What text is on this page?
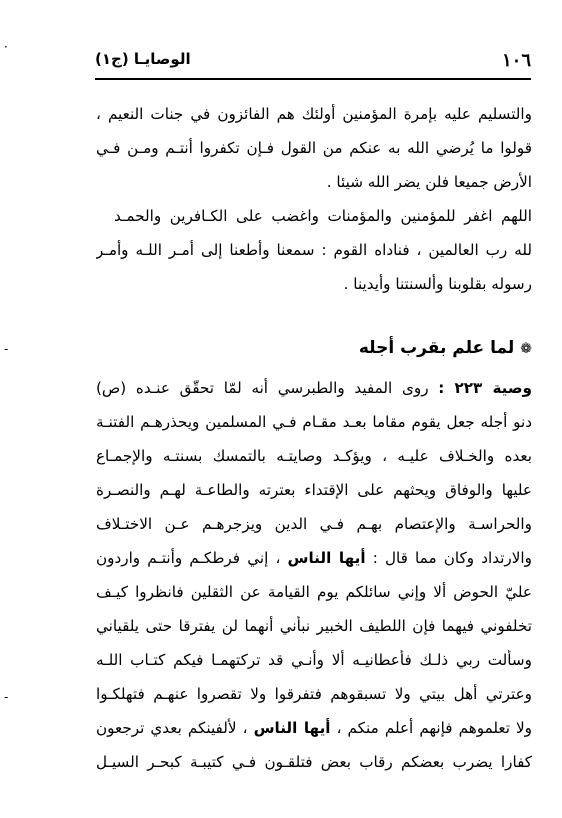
·
-
-
١٠٦
الوصايـا (ج١)
والتسليم عليه بإمرة المؤمنين أولئك هم الفائزون في جنات النعيم ،
قولوا ما يُرضي الله به عنكم من القول فـإن تكفروا أنتـم ومـن فـي
الأرض جميعا فلن يضر الله شيئا .
اللهم اغفر للمؤمنين والمؤمنات واغضب على الكـافرين والحمـد
لله رب العالمين ، فناداه القوم : سمعنا وأطعنا إلى أمـر اللـه وأمـر
رسوله بقلوبنا وألسنتنا وأيدينا .
❁لما علم بقرب أجله
وصية ٢٢٣ : روى المفيد والطبرسي أنه لمّا تحقّق عنـده (ص)
دنو أجله جعل يقوم مقاما بعـد مقـام فـي المسلمين ويحذرهـم الفتنـة
بعده والخـلاف عليـه ، ويؤكـد وصايتـه بالتمسك بسنتـه والإجمـاع
عليها والوفاق ويحثهم على الإقتداء بعترته والطاعـة لهـم والنصـرة
والحراسـة والإعتصام بهـم فـي الدين ويزجرهـم عـن الاختـلاف
والارتداد وكان مما قال : أيها الناس ، إني فرطكـم وأنتـم واردون
عليّ الحوض ألا وإني سائلكم يوم القيامة عن الثقلين فانظروا كيـف
تخلفوني فيهما فإن اللطيف الخبير نبأني أنهما لن يفترقا حتى يلقياني
وسألت ربي ذلـك فأعطانيـه ألا وأنـي قد تركتهمـا فيكم كتـاب اللـه
وعترتي أهل بيتي ولا تسبقوهم فتفرقوا ولا تقصروا عنهـم فتهلكـوا
ولا تعلموهم فإنهم أعلم منكم ، أيها الناس ، لألفينكم بعدي ترجعون
كفارا يضرب بعضكم رقاب بعض فتلقـون فـي كتيبـة كبحـر السيـل
